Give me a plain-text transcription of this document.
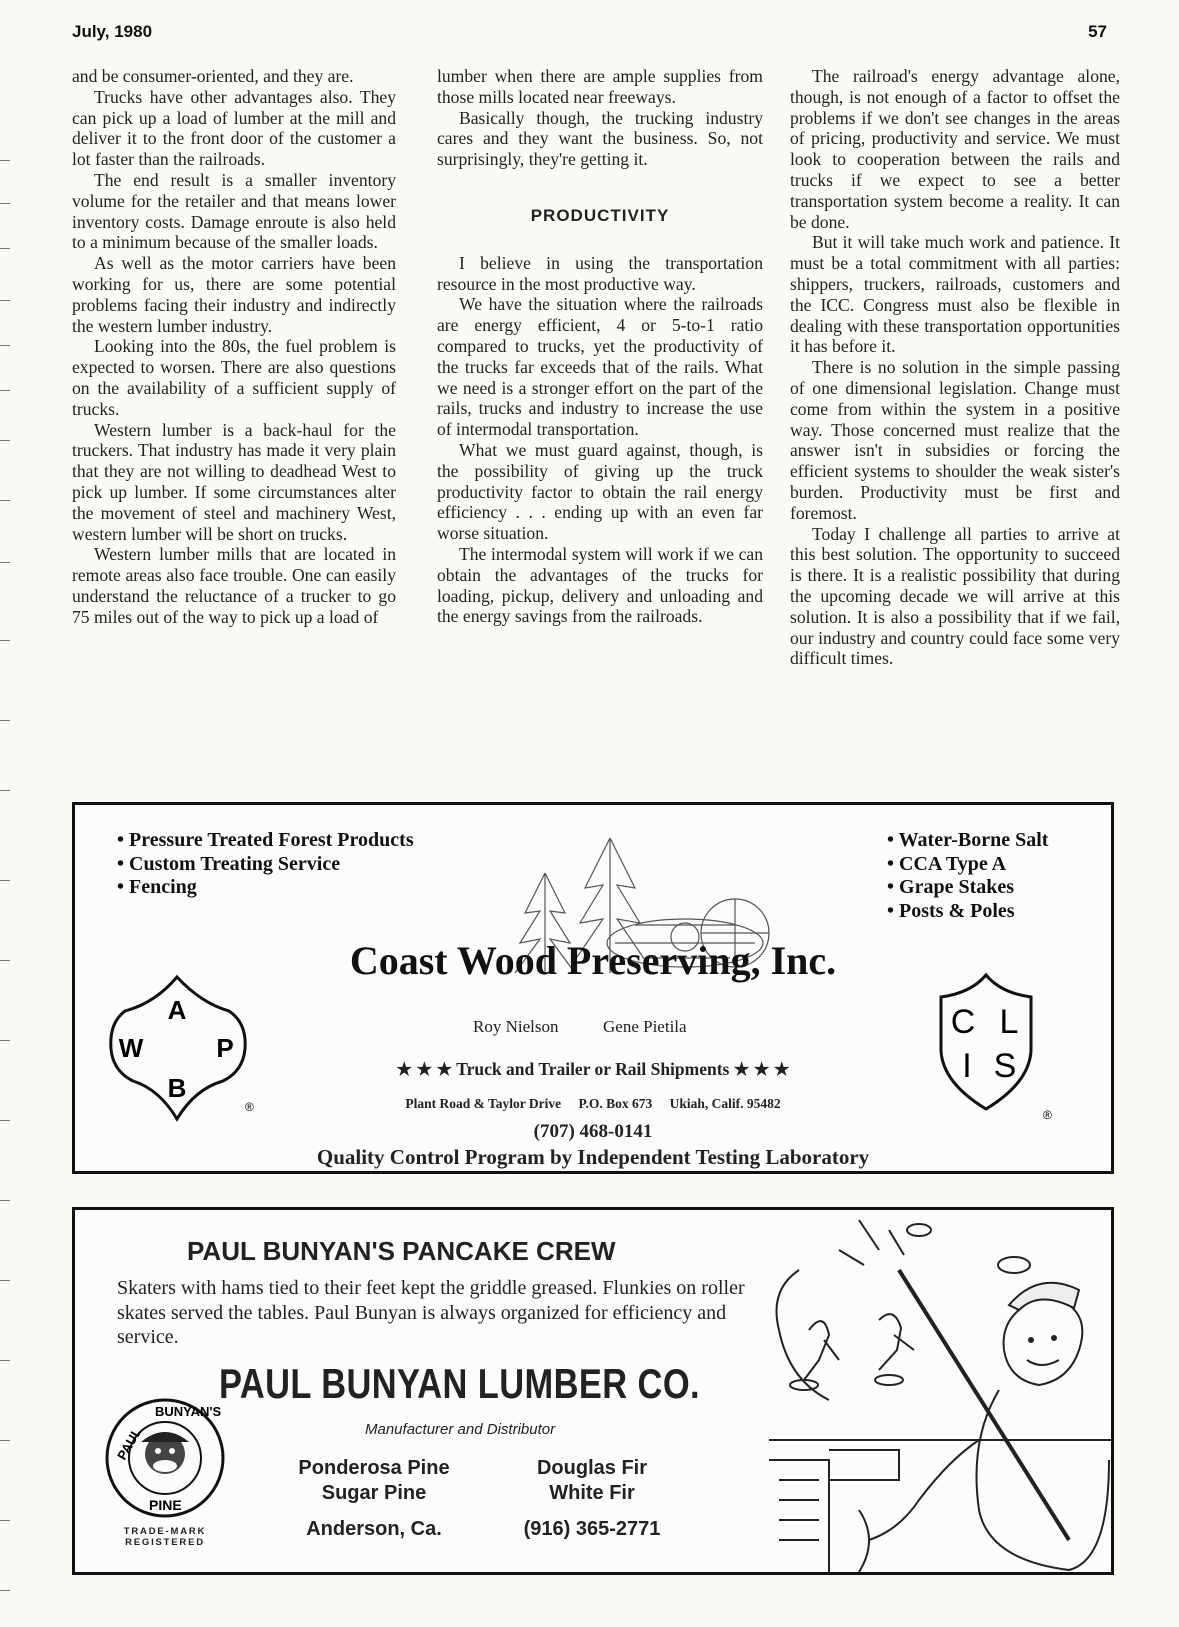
July, 1980	57

and be consumer-oriented, and they are.

Trucks have other advantages also. They can pick up a load of lumber at the mill and deliver it to the front door of the customer a lot faster than the railroads.

The end result is a smaller inventory volume for the retailer and that means lower inventory costs. Damage enroute is also held to a minimum because of the smaller loads.

As well as the motor carriers have been working for us, there are some potential problems facing their industry and indirectly the western lumber industry.

Looking into the 80s, the fuel problem is expected to worsen. There are also questions on the availability of a sufficient supply of trucks.

Western lumber is a back-haul for the truckers. That industry has made it very plain that they are not willing to deadhead West to pick up lumber. If some circumstances alter the movement of steel and machinery West, western lumber will be short on trucks.

Western lumber mills that are located in remote areas also face trouble. One can easily understand the reluctance of a trucker to go 75 miles out of the way to pick up a load of

lumber when there are ample supplies from those mills located near freeways.

Basically though, the trucking industry cares and they want the business. So, not surprisingly, they're getting it.

PRODUCTIVITY

I believe in using the transportation resource in the most productive way.

We have the situation where the railroads are energy efficient, 4 or 5-to-1 ratio compared to trucks, yet the productivity of the trucks far exceeds that of the rails. What we need is a stronger effort on the part of the rails, trucks and industry to increase the use of intermodal transportation.

What we must guard against, though, is the possibility of giving up the truck productivity factor to obtain the rail energy efficiency . . . ending up with an even far worse situation.

The intermodal system will work if we can obtain the advantages of the trucks for loading, pickup, delivery and unloading and the energy savings from the railroads.

The railroad's energy advantage alone, though, is not enough of a factor to offset the problems if we don't see changes in the areas of pricing, productivity and service. We must look to cooperation between the rails and trucks if we expect to see a better transportation system become a reality. It can be done.

But it will take much work and patience. It must be a total commitment with all parties: shippers, truckers, railroads, customers and the ICC. Congress must also be flexible in dealing with these transportation opportunities it has before it.

There is no solution in the simple passing of one dimensional legislation. Change must come from within the system in a positive way. Those concerned must realize that the answer isn't in subsidies or forcing the efficient systems to shoulder the weak sister's burden. Productivity must be first and foremost.

Today I challenge all parties to arrive at this best solution. The opportunity to succeed is there. It is a realistic possibility that during the upcoming decade we will arrive at this solution. It is also a possibility that if we fail, our industry and country could face some very difficult times.

• Pressure Treated Forest Products
• Custom Treating Service
• Fencing
• Water-Borne Salt
• CCA Type A
• Grape Stakes
• Posts & Poles
Coast Wood Preserving, Inc.
Roy Nielson	Gene Pietila
★ ★ ★ Truck and Trailer or Rail Shipments ★ ★ ★
Plant Road & Taylor Drive P.O. Box 673 Ukiah, Calif. 95482
(707) 468-0141
Quality Control Program by Independent Testing Laboratory
A
W	P
B
®
C L
I S
®
PAUL BUNYAN'S PANCAKE CREW
Skaters with hams tied to their feet kept the griddle greased. Flunkies on roller skates served the tables. Paul Bunyan is always organized for efficiency and service.
PAUL BUNYAN LUMBER CO.
Manufacturer and Distributor
PAUL
BUNYAN'S
PINE
TRADE-MARK
REGISTERED
Ponderosa Pine
Sugar Pine
Douglas Fir
White Fir
Anderson, Ca.	(916) 365-2771
